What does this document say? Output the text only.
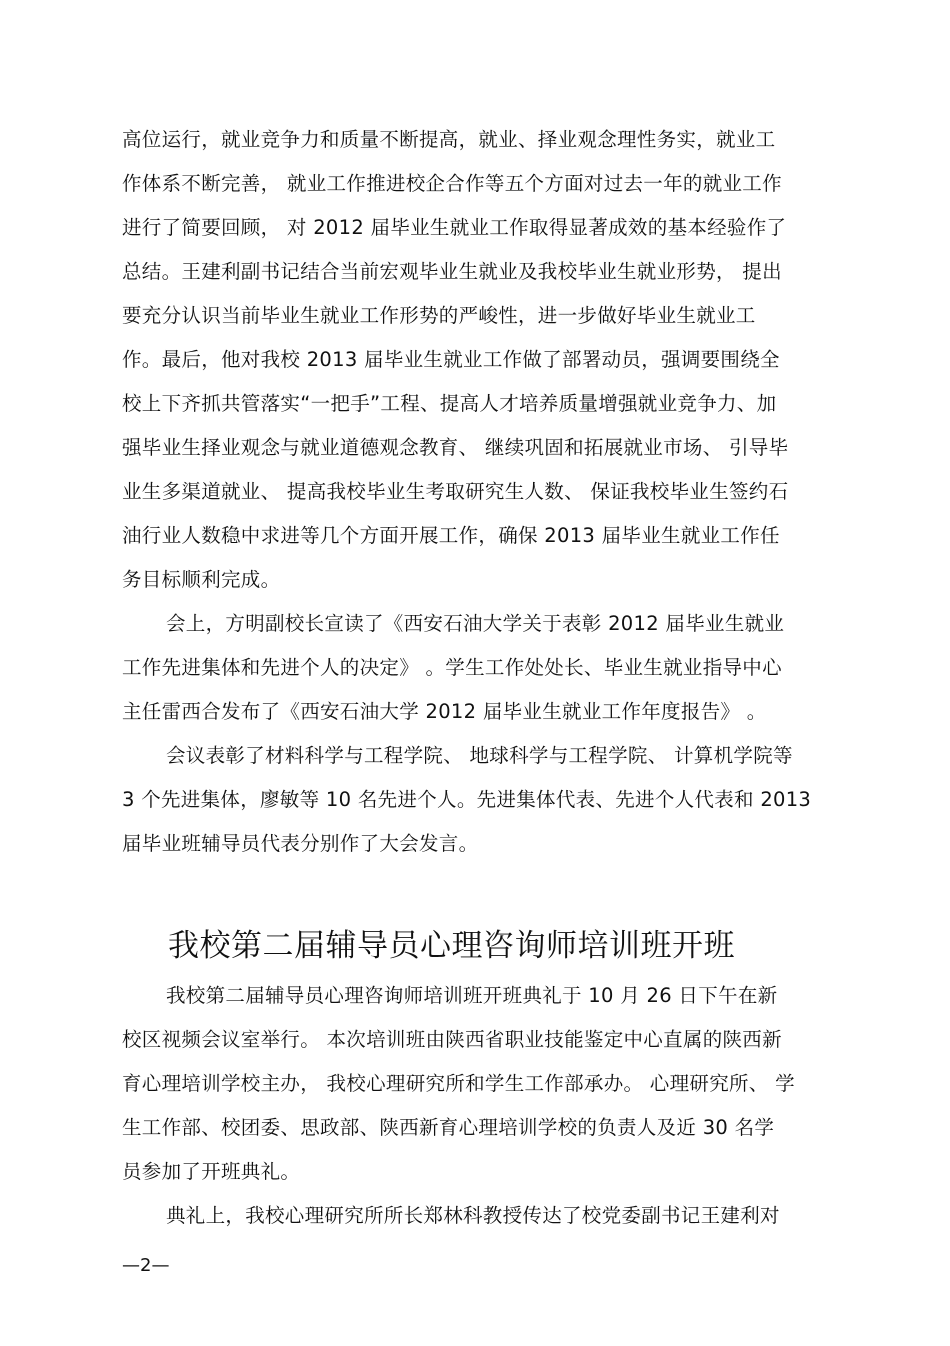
高位运行，就业竞争力和质量不断提高，就业、择业观念理性务实，就业工
作体系不断完善， 就业工作推进校企合作等五个方面对过去一年的就业工作
进行了简要回顾， 对 2012 届毕业生就业工作取得显著成效的基本经验作了
总结。王建利副书记结合当前宏观毕业生就业及我校毕业生就业形势， 提出
要充分认识当前毕业生就业工作形势的严峻性，进一步做好毕业生就业工
作。最后，他对我校 2013 届毕业生就业工作做了部署动员，强调要围绕全
校上下齐抓共管落实“一把手”工程、提高人才培养质量增强就业竞争力、加
强毕业生择业观念与就业道德观念教育、 继续巩固和拓展就业市场、 引导毕
业生多渠道就业、 提高我校毕业生考取研究生人数、 保证我校毕业生签约石
油行业人数稳中求进等几个方面开展工作，确保 2013 届毕业生就业工作任
务目标顺利完成。
会上，方明副校长宣读了《西安石油大学关于表彰 2012 届毕业生就业
工作先进集体和先进个人的决定》 。学生工作处处长、毕业生就业指导中心
主任雷西合发布了《西安石油大学 2012 届毕业生就业工作年度报告》 。
会议表彰了材料科学与工程学院、 地球科学与工程学院、 计算机学院等
3 个先进集体，廖敏等 10 名先进个人。先进集体代表、先进个人代表和 2013
届毕业班辅导员代表分别作了大会发言。
我校第二届辅导员心理咨询师培训班开班
我校第二届辅导员心理咨询师培训班开班典礼于 10 月 26 日下午在新
校区视频会议室举行。 本次培训班由陕西省职业技能鉴定中心直属的陕西新
育心理培训学校主办， 我校心理研究所和学生工作部承办。 心理研究所、 学
生工作部、校团委、思政部、陕西新育心理培训学校的负责人及近 30 名学
员参加了开班典礼。
典礼上，我校心理研究所所长郑林科教授传达了校党委副书记王建利对
—2—
